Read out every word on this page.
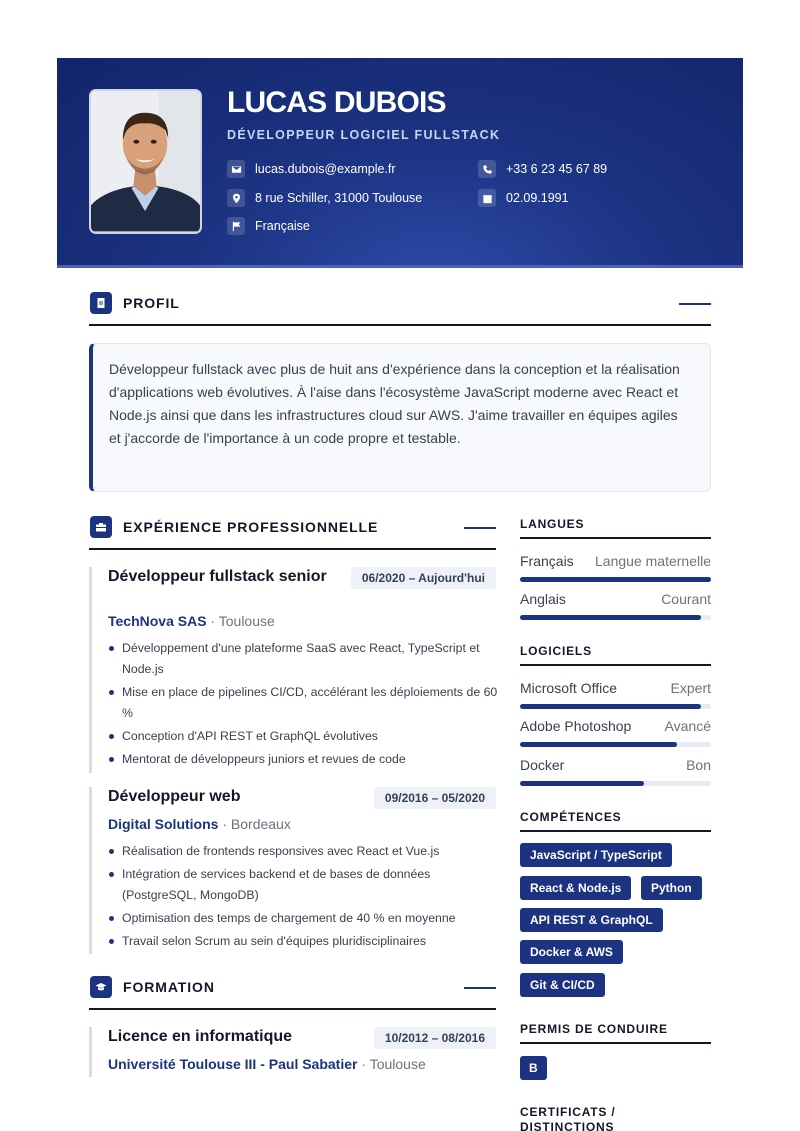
LUCAS DUBOIS
DÉVELOPPEUR LOGICIEL FULLSTACK
lucas.dubois@example.fr	+33 6 23 45 67 89
8 rue Schiller, 31000 Toulouse	02.09.1991
Française
PROFIL

Développeur fullstack avec plus de huit ans d'expérience dans la conception et la réalisation d'applications web évolutives. À l'aise dans l'écosystème JavaScript moderne avec React et Node.js ainsi que dans les infrastructures cloud sur AWS. J'aime travailler en équipes agiles et j'accorde de l'importance à un code propre et testable.

EXPÉRIENCE PROFESSIONNELLE
Développeur fullstack senior	06/2020 – Aujourd'hui
TechNova SAS · Toulouse
Développement d'une plateforme SaaS avec React, TypeScript et Node.js
Mise en place de pipelines CI/CD, accélérant les déploiements de 60 %
Conception d'API REST et GraphQL évolutives
Mentorat de développeurs juniors et revues de code
Développeur web	09/2016 – 05/2020
Digital Solutions · Bordeaux
Réalisation de frontends responsives avec React et Vue.js
Intégration de services backend et de bases de données (PostgreSQL, MongoDB)
Optimisation des temps de chargement de 40 % en moyenne
Travail selon Scrum au sein d'équipes pluridisciplinaires
FORMATION
Licence en informatique	10/2012 – 08/2016
Université Toulouse III - Paul Sabatier · Toulouse
LANGUES
Français Langue maternelle
Anglais	Courant
LOGICIELS
Microsoft Office	Expert
Adobe Photoshop Avancé
Docker	Bon
COMPÉTENCES
JavaScript / TypeScript
React & Node.js	Python
API REST & GraphQL
Docker & AWS
Git & CI/CD
PERMIS DE CONDUIRE
B
CERTIFICATS /
DISTINCTIONS
